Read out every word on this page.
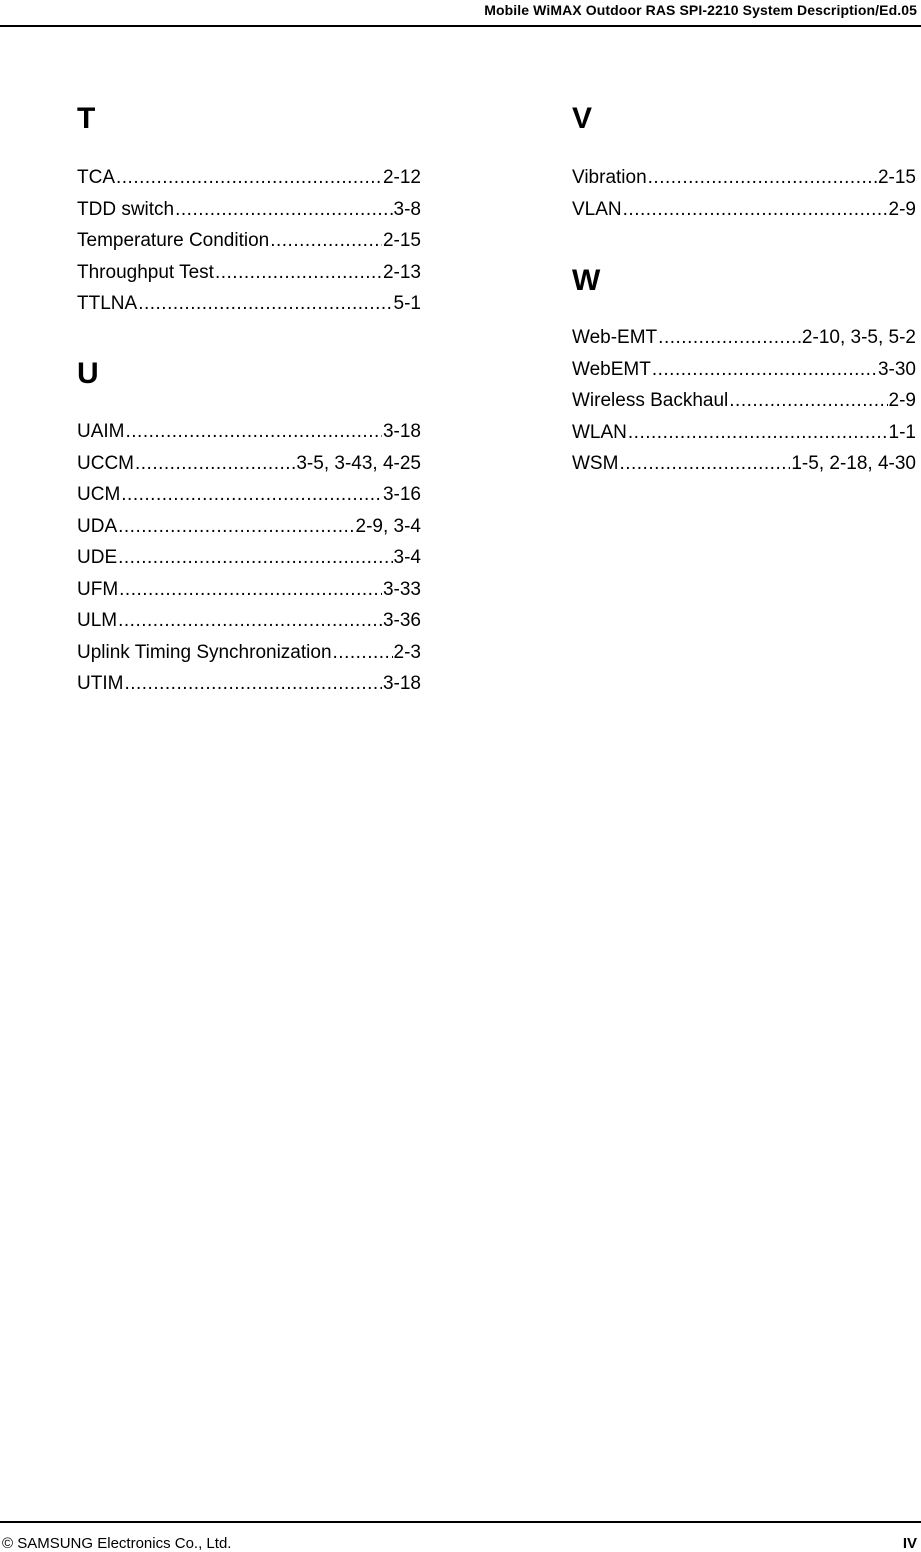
Mobile WiMAX Outdoor RAS SPI-2210 System Description/Ed.05
T
TCA .....	2-12
TDD switch .....	3-8
Temperature Condition .....	2-15
Throughput Test .....	2-13
TTLNA .....	5-1
U
UAIM .....	3-18
UCCM .....	3-5, 3-43, 4-25
UCM .....	3-16
UDA .....	2-9, 3-4
UDE .....	3-4
UFM .....	3-33
ULM .....	3-36
Uplink Timing Synchronization .....	2-3
UTIM .....	3-18
V
Vibration .....	2-15
VLAN .....	2-9
W
Web-EMT .....	2-10, 3-5, 5-2
WebEMT .....	3-30
Wireless Backhaul .....	2-9
WLAN .....	1-1
WSM .....	1-5, 2-18, 4-30
© SAMSUNG Electronics Co., Ltd.	IV
